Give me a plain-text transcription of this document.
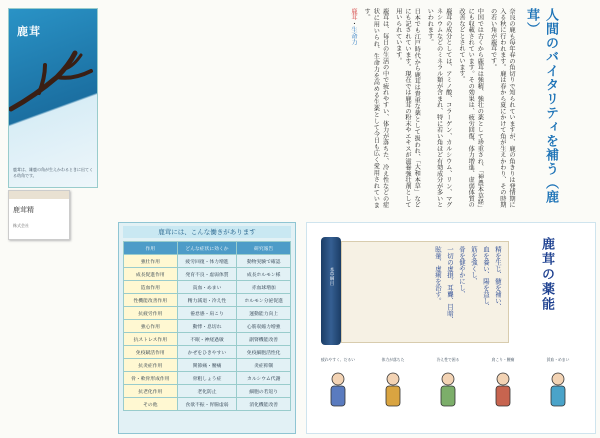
鹿茸
鹿茸は、雄鹿の角が生えかわるときに出てくる幼角です。
鹿茸精
株式会社
人間のバイタリティを補う（鹿茸）

奈良の鹿も毎年春の角切りで知られていますが、鹿の角きりは発情期に入る秋に行われます。鹿は春から夏にかけて角が生えかわり、その時期の若い角が鹿茸です。

中国では古くから鹿茸は強精、強壮の薬として珍重され、「神農本草経」にも収載されています。その効果は、疲労回復、体力増進、虚弱体質の改善などとされています。

鹿茸の成分としては、アミノ酸、コラーゲン、カルシウム、リン、マグネシウムなどのミネラル類が含まれ、特に若い角ほど有効成分が多いといわれます。

日本でも江戸時代から鹿茸は貴重な薬として扱われ、「大和本草」などにも記されています。現在では鹿茸の粉末やエキスが滋養強壮剤として用いられています。

鹿茸は、毎日の生活の中で疲れやすい、体力が落ちた、冷え性などの症状に用いられ、生命力を高める生薬として今日も広く愛用されています。

鹿茸・生命力

鹿茸には、こんな働きがあります
作用	どんな症状に効くか	研究報告
強壮作用	疲労回復・体力増進	動物実験で確認
成長促進作用	発育不良・虚弱体質	成長ホルモン様
造血作用	貧血・めまい	赤血球増加
性機能改善作用	精力減退・冷え性	ホルモン分泌促進
抗疲労作用	倦怠感・肩こり	運動能力向上
強心作用	動悸・息切れ	心筋収縮力増強
抗ストレス作用	不眠・神経過敏	副腎機能改善
免疫賦活作用	かぜをひきやすい	免疫細胞活性化
抗炎症作用	関節痛・腰痛	炎症抑制
骨・軟骨形成作用	骨粗しょう症	カルシウム代謝
抗老化作用	老化防止	細胞の若返り
その他	食欲不振・胃腸虚弱	消化機能改善
本草綱目	精を生じ、髄を補い、
血を養い、陽を益し、
筋を強くし、
骨を健やかにし、
一切の虚損、耳聾、目暗、
眩暈、虚痢を治す。	鹿茸の薬能
疲れやすく、だるい	体力が落ちた	冷え性で困る	肩こり・腰痛	貧血・めまい
